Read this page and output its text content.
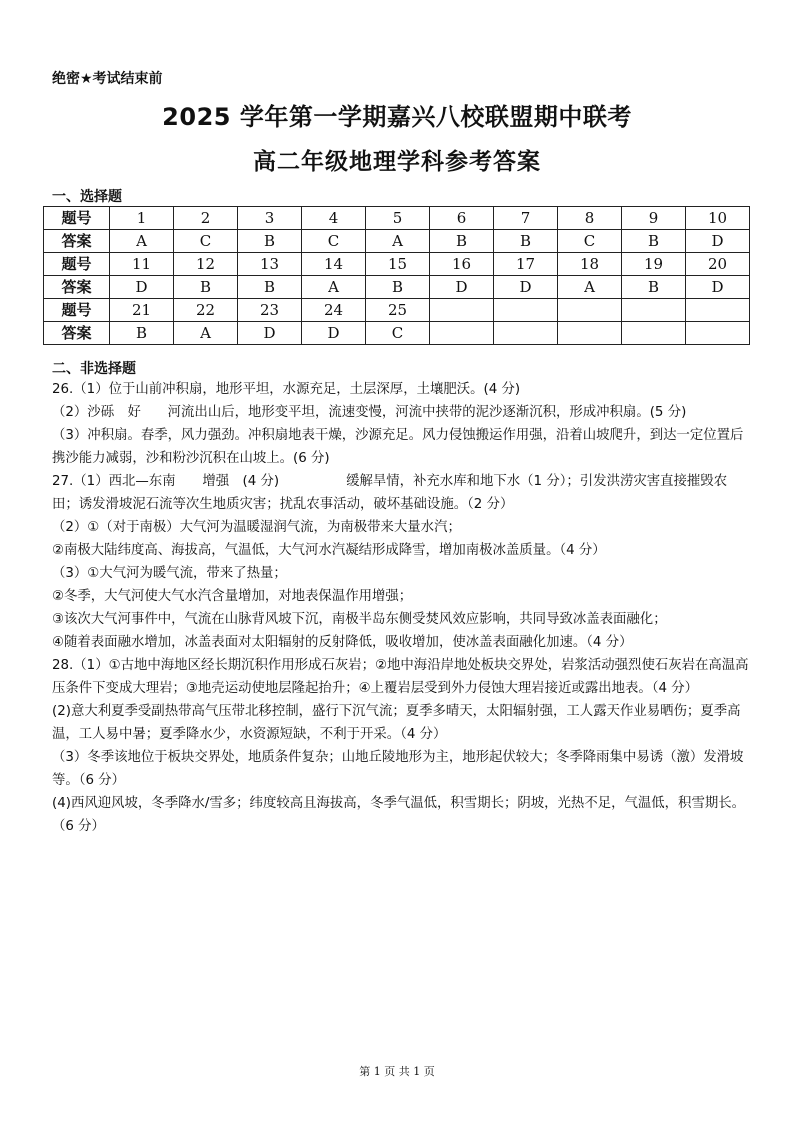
绝密★考试结束前
2025 学年第一学期嘉兴八校联盟期中联考
高二年级地理学科参考答案
一、选择题
题号	1	2	3	4	5	6	7	8	9	10
答案	A	C	B	C	A	B	B	C	B	D
题号	11	12	13	14	15	16	17	18	19	20
答案	D	B	B	A	B	D	D	A	B	D
题号	21	22	23	24	25					
答案	B	A	D	D	C					
二、非选择题

26.（1）位于山前冲积扇，地形平坦，水源充足，土层深厚，土壤肥沃。(4 分)

（2）沙砾　好　　河流出山后，地形变平坦，流速变慢，河流中挟带的泥沙逐渐沉积，形成冲积扇。(5 分)

（3）冲积扇。春季，风力强劲。冲积扇地表干燥，沙源充足。风力侵蚀搬运作用强，沿着山坡爬升，到达一定位置后携沙能力减弱，沙和粉沙沉积在山坡上。(6 分)

27.（1）西北—东南　　增强　(4 分)　　　　　缓解旱情，补充水库和地下水（1 分）；引发洪涝灾害直接摧毁农田；诱发滑坡泥石流等次生地质灾害；扰乱农事活动，破坏基础设施。（2 分）

（2）①（对于南极）大气河为温暖湿润气流，为南极带来大量水汽；

②南极大陆纬度高、海拔高，气温低，大气河水汽凝结形成降雪，增加南极冰盖质量。（4 分）

（3）①大气河为暖气流，带来了热量；

②冬季，大气河使大气水汽含量增加，对地表保温作用增强；

③该次大气河事件中，气流在山脉背风坡下沉，南极半岛东侧受焚风效应影响，共同导致冰盖表面融化；

④随着表面融水增加，冰盖表面对太阳辐射的反射降低，吸收增加，使冰盖表面融化加速。（4 分）

28.（1）①古地中海地区经长期沉积作用形成石灰岩；②地中海沿岸地处板块交界处，岩浆活动强烈使石灰岩在高温高压条件下变成大理岩；③地壳运动使地层隆起抬升；④上覆岩层受到外力侵蚀大理岩接近或露出地表。（4 分）

(2)意大利夏季受副热带高气压带北移控制，盛行下沉气流；夏季多晴天，太阳辐射强，工人露天作业易晒伤；夏季高温，工人易中暑；夏季降水少，水资源短缺，不利于开采。（4 分）

（3）冬季该地位于板块交界处，地质条件复杂；山地丘陵地形为主，地形起伏较大；冬季降雨集中易诱（激）发滑坡等。（6 分）

(4)西风迎风坡，冬季降水/雪多；纬度较高且海拔高，冬季气温低，积雪期长；阴坡，光热不足，气温低，积雪期长。（6 分）

第 1 页 共 1 页
